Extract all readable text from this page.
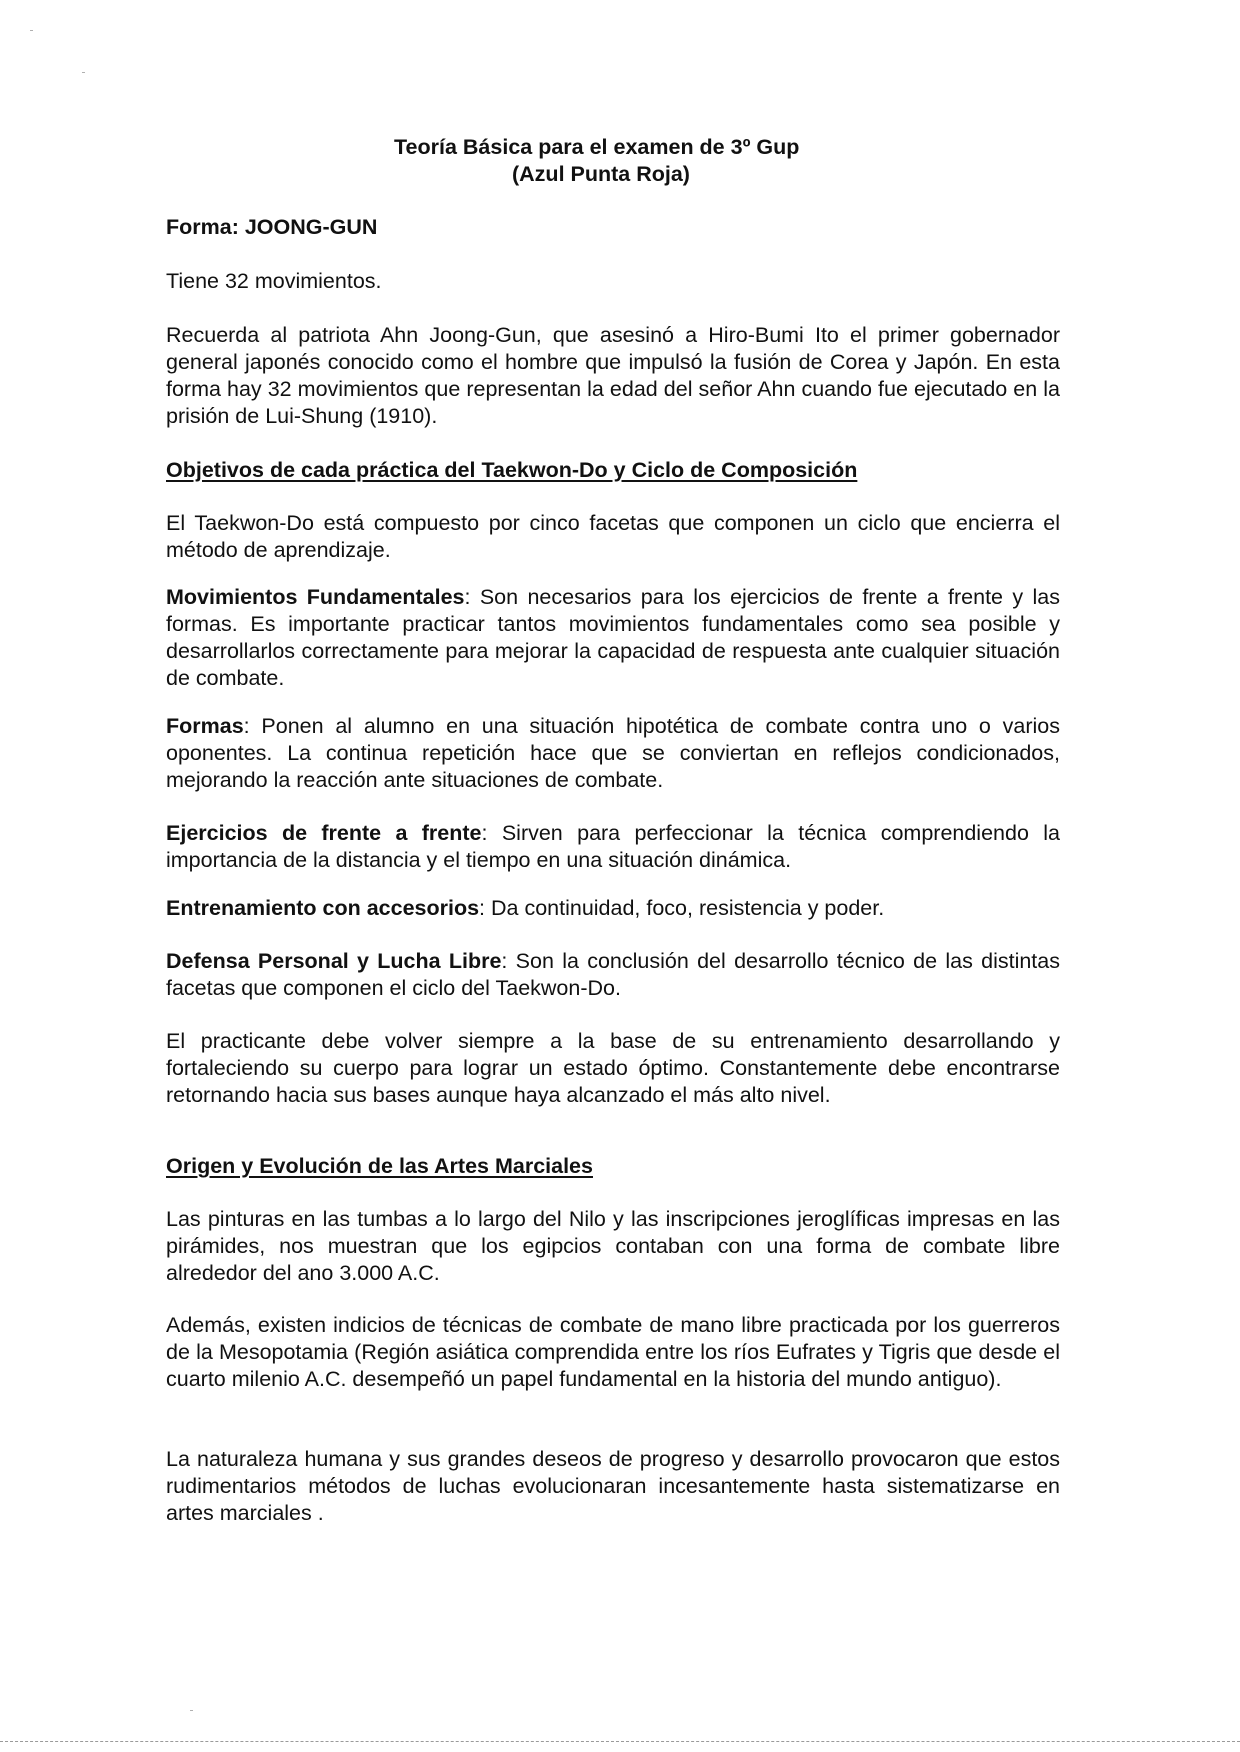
Teoría Básica para el examen de 3º Gup
(Azul Punta Roja)
Forma: JOONG-GUN
Tiene 32 movimientos.

Recuerda al patriota Ahn Joong-Gun, que asesinó a Hiro-Bumi Ito el primer gobernador general japonés conocido como el hombre que impulsó la fusión de Corea y Japón. En esta forma hay 32 movimientos que representan la edad del señor Ahn cuando fue ejecutado en la prisión de Lui-Shung (1910).

Objetivos de cada práctica del Taekwon-Do y Ciclo de Composición

El Taekwon-Do está compuesto por cinco facetas que componen un ciclo que encierra el método de aprendizaje.

Movimientos Fundamentales: Son necesarios para los ejercicios de frente a frente y las formas. Es importante practicar tantos movimientos fundamentales como sea posible y desarrollarlos correctamente para mejorar la capacidad de respuesta ante cualquier situación de combate.

Formas: Ponen al alumno en una situación hipotética de combate contra uno o varios oponentes. La continua repetición hace que se conviertan en reflejos condicionados, mejorando la reacción ante situaciones de combate.

Ejercicios de frente a frente: Sirven para perfeccionar la técnica comprendiendo la importancia de la distancia y el tiempo en una situación dinámica.

Entrenamiento con accesorios: Da continuidad, foco, resistencia y poder.

Defensa Personal y Lucha Libre: Son la conclusión del desarrollo técnico de las distintas facetas que componen el ciclo del Taekwon-Do.

El practicante debe volver siempre a la base de su entrenamiento desarrollando y fortaleciendo su cuerpo para lograr un estado óptimo. Constantemente debe encontrarse retornando hacia sus bases aunque haya alcanzado el más alto nivel.

Origen y Evolución de las Artes Marciales

Las pinturas en las tumbas a lo largo del Nilo y las inscripciones jeroglíficas impresas en las pirámides, nos muestran que los egipcios contaban con una forma de combate libre alrededor del ano 3.000 A.C.

Además, existen indicios de técnicas de combate de mano libre practicada por los guerreros de la Mesopotamia (Región asiática comprendida entre los ríos Eufrates y Tigris que desde el cuarto milenio A.C. desempeñó un papel fundamental en la historia del mundo antiguo).

La naturaleza humana y sus grandes deseos de progreso y desarrollo provocaron que estos rudimentarios métodos de luchas evolucionaran incesantemente hasta sistematizarse en artes marciales .
